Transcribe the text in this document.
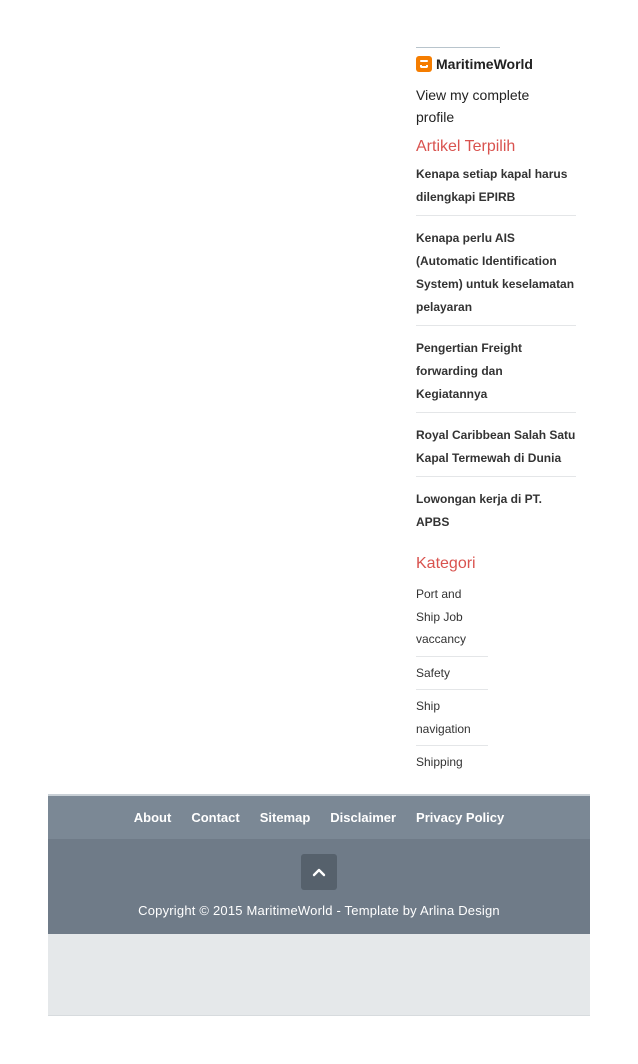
MaritimeWorld
View my complete profile
Artikel Terpilih
Kenapa setiap kapal harus dilengkapi EPIRB
Kenapa perlu AIS (Automatic Identification System) untuk keselamatan pelayaran
Pengertian Freight forwarding dan Kegiatannya
Royal Caribbean Salah Satu Kapal Termewah di Dunia
Lowongan kerja di PT. APBS
Kategori
Port and Ship Job vaccancy
Safety
Ship navigation
Shipping
About Contact Sitemap Disclaimer Privacy Policy
Copyright © 2015 MaritimeWorld - Template by Arlina Design
